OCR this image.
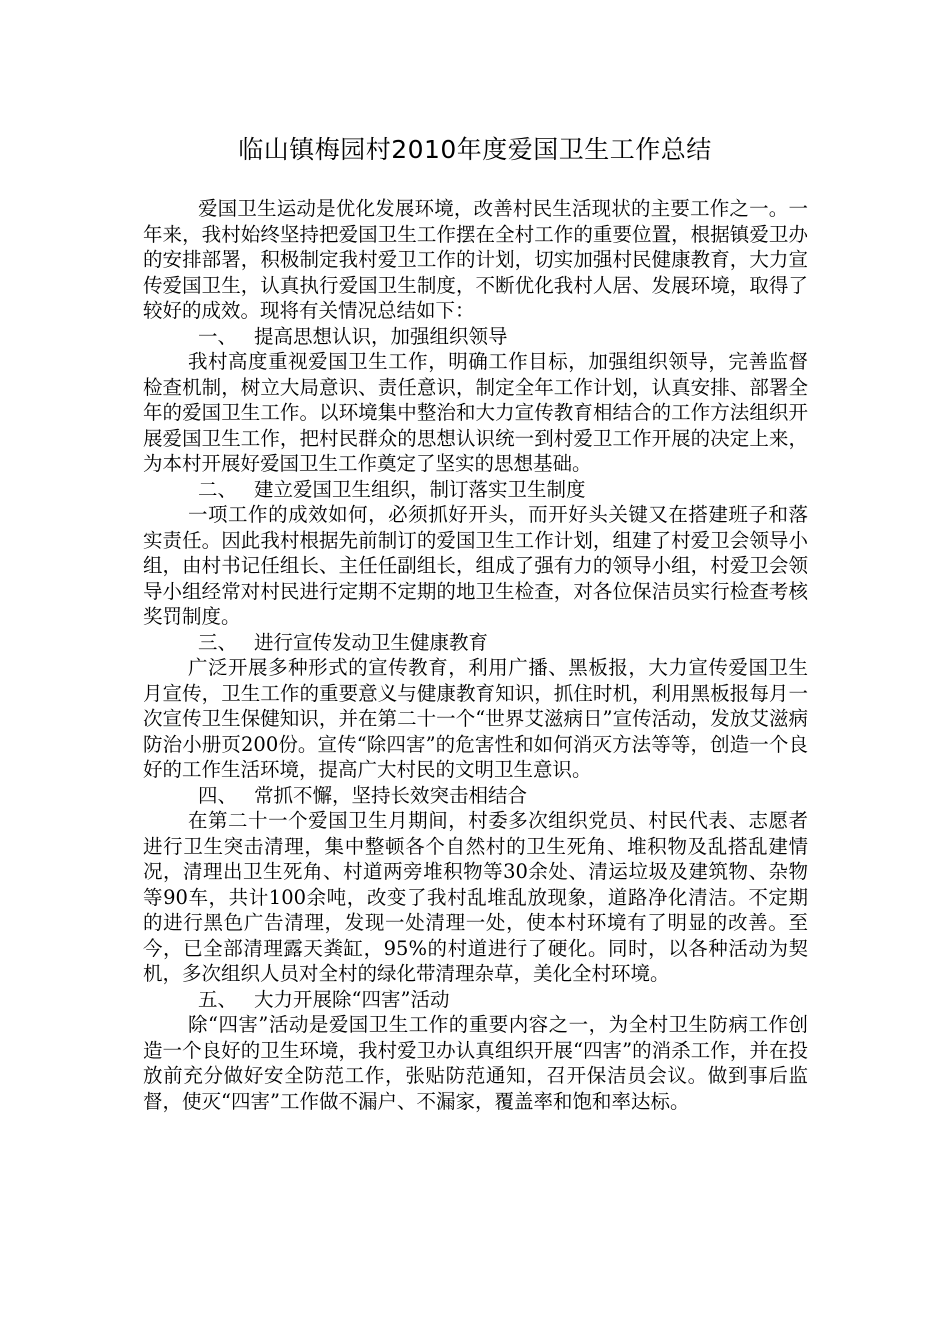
临山镇梅园村2010年度爱国卫生工作总结

爱国卫生运动是优化发展环境，改善村民生活现状的主要工作之一。一年来，我村始终坚持把爱国卫生工作摆在全村工作的重要位置，根据镇爱卫办的安排部署，积极制定我村爱卫工作的计划，切实加强村民健康教育，大力宣传爱国卫生，认真执行爱国卫生制度，不断优化我村人居、发展环境，取得了较好的成效。现将有关情况总结如下：

一、 提高思想认识，加强组织领导

我村高度重视爱国卫生工作，明确工作目标，加强组织领导，完善监督检查机制，树立大局意识、责任意识，制定全年工作计划，认真安排、部署全年的爱国卫生工作。以环境集中整治和大力宣传教育相结合的工作方法组织开展爱国卫生工作，把村民群众的思想认识统一到村爱卫工作开展的决定上来，为本村开展好爱国卫生工作奠定了坚实的思想基础。

二、 建立爱国卫生组织，制订落实卫生制度

一项工作的成效如何，必须抓好开头，而开好头关键又在搭建班子和落实责任。因此我村根据先前制订的爱国卫生工作计划，组建了村爱卫会领导小组，由村书记任组长、主任任副组长，组成了强有力的领导小组，村爱卫会领导小组经常对村民进行定期不定期的地卫生检查，对各位保洁员实行检查考核奖罚制度。

三、 进行宣传发动卫生健康教育

广泛开展多种形式的宣传教育，利用广播、黑板报，大力宣传爱国卫生月宣传，卫生工作的重要意义与健康教育知识，抓住时机，利用黑板报每月一次宣传卫生保健知识，并在第二十一个“世界艾滋病日”宣传活动，发放艾滋病防治小册页200份。宣传“除四害”的危害性和如何消灭方法等等，创造一个良好的工作生活环境，提高广大村民的文明卫生意识。

四、 常抓不懈，坚持长效突击相结合

在第二十一个爱国卫生月期间，村委多次组织党员、村民代表、志愿者进行卫生突击清理，集中整顿各个自然村的卫生死角、堆积物及乱搭乱建情况，清理出卫生死角、村道两旁堆积物等30余处、清运垃圾及建筑物、杂物等90车，共计100余吨，改变了我村乱堆乱放现象，道路净化清洁。不定期的进行黑色广告清理，发现一处清理一处，使本村环境有了明显的改善。至今，已全部清理露天粪缸，95%的村道进行了硬化。同时，以各种活动为契机，多次组织人员对全村的绿化带清理杂草，美化全村环境。

五、 大力开展除“四害”活动

除“四害”活动是爱国卫生工作的重要内容之一，为全村卫生防病工作创造一个良好的卫生环境，我村爱卫办认真组织开展“四害”的消杀工作，并在投放前充分做好安全防范工作，张贴防范通知，召开保洁员会议。做到事后监督，使灭“四害”工作做不漏户、不漏家，覆盖率和饱和率达标。
